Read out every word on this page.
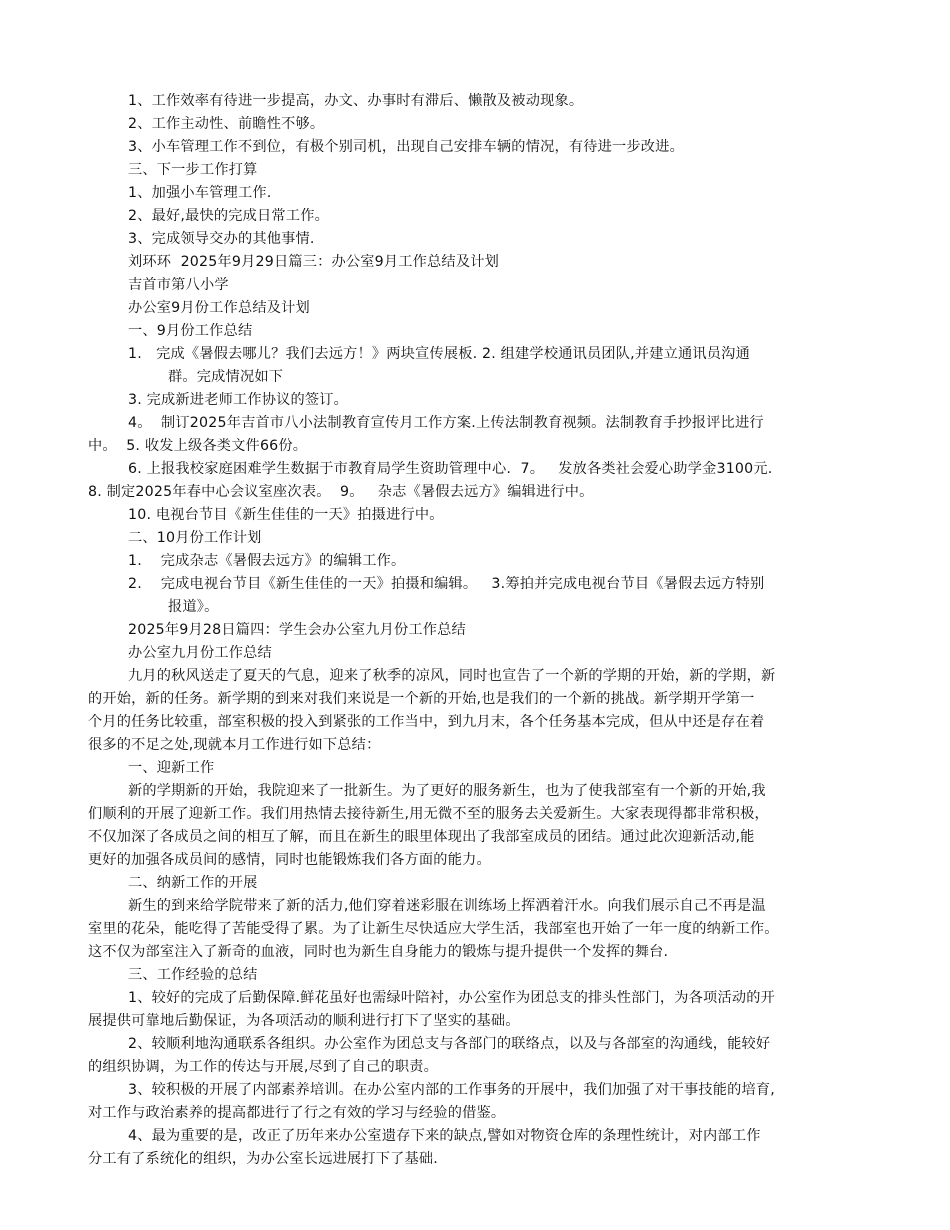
1、工作效率有待进一步提高，办文、办事时有滞后、懒散及被动现象。
2、工作主动性、前瞻性不够。
3、小车管理工作不到位，有极个别司机，出现自己安排车辆的情况，有待进一步改进。
三、下一步工作打算
1、加强小车管理工作.
2、最好,最快的完成日常工作。
3、完成领导交办的其他事情.
刘环环  2025年9月29日篇三：办公室9月工作总结及计划
吉首市第八小学
办公室9月份工作总结及计划
一、9月份工作总结
1.   完成《暑假去哪儿？我们去远方！》两块宣传展板. 2. 组建学校通讯员团队,并建立通讯员沟通
群。完成情况如下
3. 完成新进老师工作协议的签订。
4。  制订2025年吉首市八小法制教育宣传月工作方案.上传法制教育视频。法制教育手抄报评比进行
中。  5. 收发上级各类文件66份。
6. 上报我校家庭困难学生数据于市教育局学生资助管理中心.  7。   发放各类社会爱心助学金3100元.
8. 制定2025年春中心会议室座次表。  9。   杂志《暑假去远方》编辑进行中。
10. 电视台节目《新生佳佳的一天》拍摄进行中。
二、10月份工作计划
1.    完成杂志《暑假去远方》的编辑工作。
2.    完成电视台节目《新生佳佳的一天》拍摄和编辑。   3.筹拍并完成电视台节目《暑假去远方特别
报道》。
2025年9月28日篇四：学生会办公室九月份工作总结
办公室九月份工作总结
九月的秋风送走了夏天的气息，迎来了秋季的凉风，同时也宣告了一个新的学期的开始，新的学期，新
的开始，新的任务。新学期的到来对我们来说是一个新的开始,也是我们的一个新的挑战。新学期开学第一
个月的任务比较重，部室积极的投入到紧张的工作当中，到九月末，各个任务基本完成，但从中还是存在着
很多的不足之处,现就本月工作进行如下总结：
一、迎新工作
新的学期新的开始，我院迎来了一批新生。为了更好的服务新生，也为了使我部室有一个新的开始,我
们顺利的开展了迎新工作。我们用热情去接待新生,用无微不至的服务去关爱新生。大家表现得都非常积极，
不仅加深了各成员之间的相互了解，而且在新生的眼里体现出了我部室成员的团结。通过此次迎新活动,能
更好的加强各成员间的感情，同时也能锻炼我们各方面的能力。
二、纳新工作的开展
新生的到来给学院带来了新的活力,他们穿着迷彩服在训练场上挥洒着汗水。向我们展示自己不再是温
室里的花朵，能吃得了苦能受得了累。为了让新生尽快适应大学生活，我部室也开始了一年一度的纳新工作。
这不仅为部室注入了新奇的血液，同时也为新生自身能力的锻炼与提升提供一个发挥的舞台.
三、工作经验的总结
1、较好的完成了后勤保障.鲜花虽好也需绿叶陪衬，办公室作为团总支的排头性部门，为各项活动的开
展提供可靠地后勤保证，为各项活动的顺利进行打下了坚实的基础。
2、较顺利地沟通联系各组织。办公室作为团总支与各部门的联络点，以及与各部室的沟通线，能较好
的组织协调，为工作的传达与开展,尽到了自己的职责。
3、较积极的开展了内部素养培训。在办公室内部的工作事务的开展中，我们加强了对干事技能的培育,
对工作与政治素养的提高都进行了行之有效的学习与经验的借鉴。
4、最为重要的是，改正了历年来办公室遗存下来的缺点,譬如对物资仓库的条理性统计，对内部工作
分工有了系统化的组织，为办公室长远进展打下了基础.
